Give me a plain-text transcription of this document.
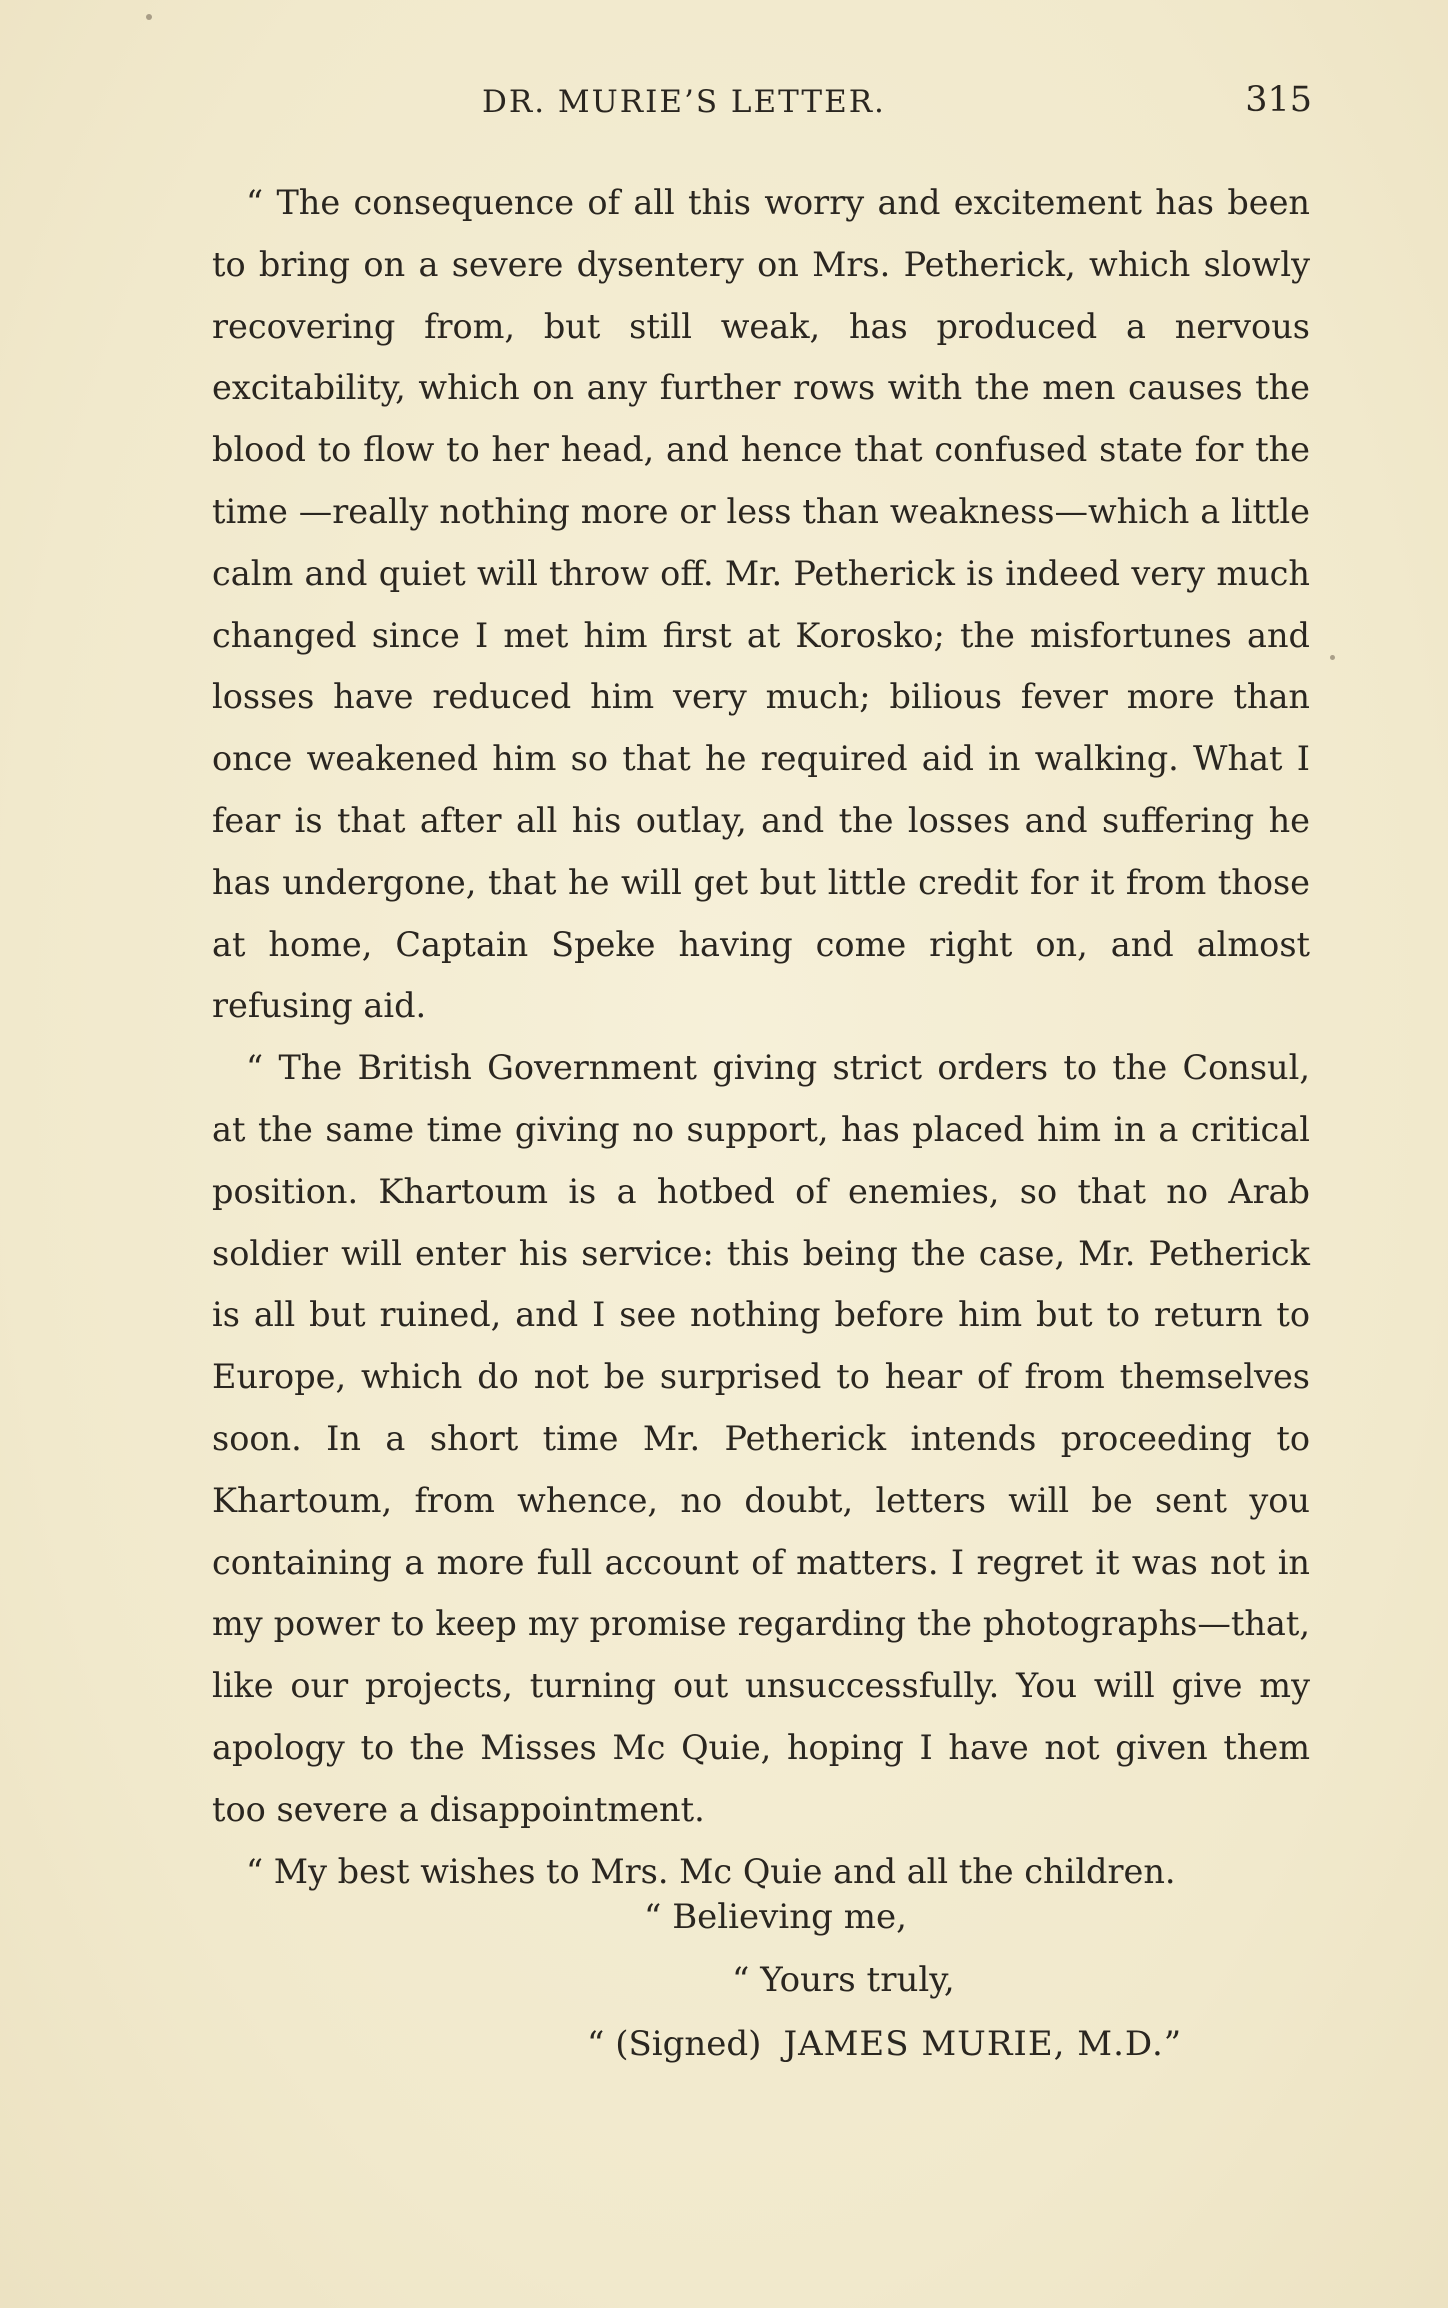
DR. MURIE’S LETTER.	315

“ The consequence of all this worry and excitement has been to bring on a severe dysentery on Mrs. Petherick, which slowly recovering from, but still weak, has produced a nervous excitability, which on any further rows with the men causes the blood to flow to her head, and hence that confused state for the time —really nothing more or less than weakness—which a little calm and quiet will throw off. Mr. Petherick is indeed very much changed since I met him first at Korosko; the misfortunes and losses have reduced him very much; bilious fever more than once weakened him so that he required aid in walking. What I fear is that after all his outlay, and the losses and suffering he has undergone, that he will get but little credit for it from those at home, Captain Speke having come right on, and almost refusing aid.

“ The British Government giving strict orders to the Consul, at the same time giving no support, has placed him in a critical position. Khartoum is a hotbed of enemies, so that no Arab soldier will enter his service: this being the case, Mr. Petherick is all but ruined, and I see nothing before him but to return to Europe, which do not be surprised to hear of from themselves soon. In a short time Mr. Petherick intends proceeding to Khartoum, from whence, no doubt, letters will be sent you containing a more full account of matters. I regret it was not in my power to keep my promise regarding the photographs—that, like our projects, turning out unsuccessfully. You will give my apology to the Misses Mc Quie, hoping I have not given them too severe a disappointment.

“ My best wishes to Mrs. Mc Quie and all the children.

“ Believing me,
“ Yours truly,
“ (Signed) JAMES MURIE, M.D.”
